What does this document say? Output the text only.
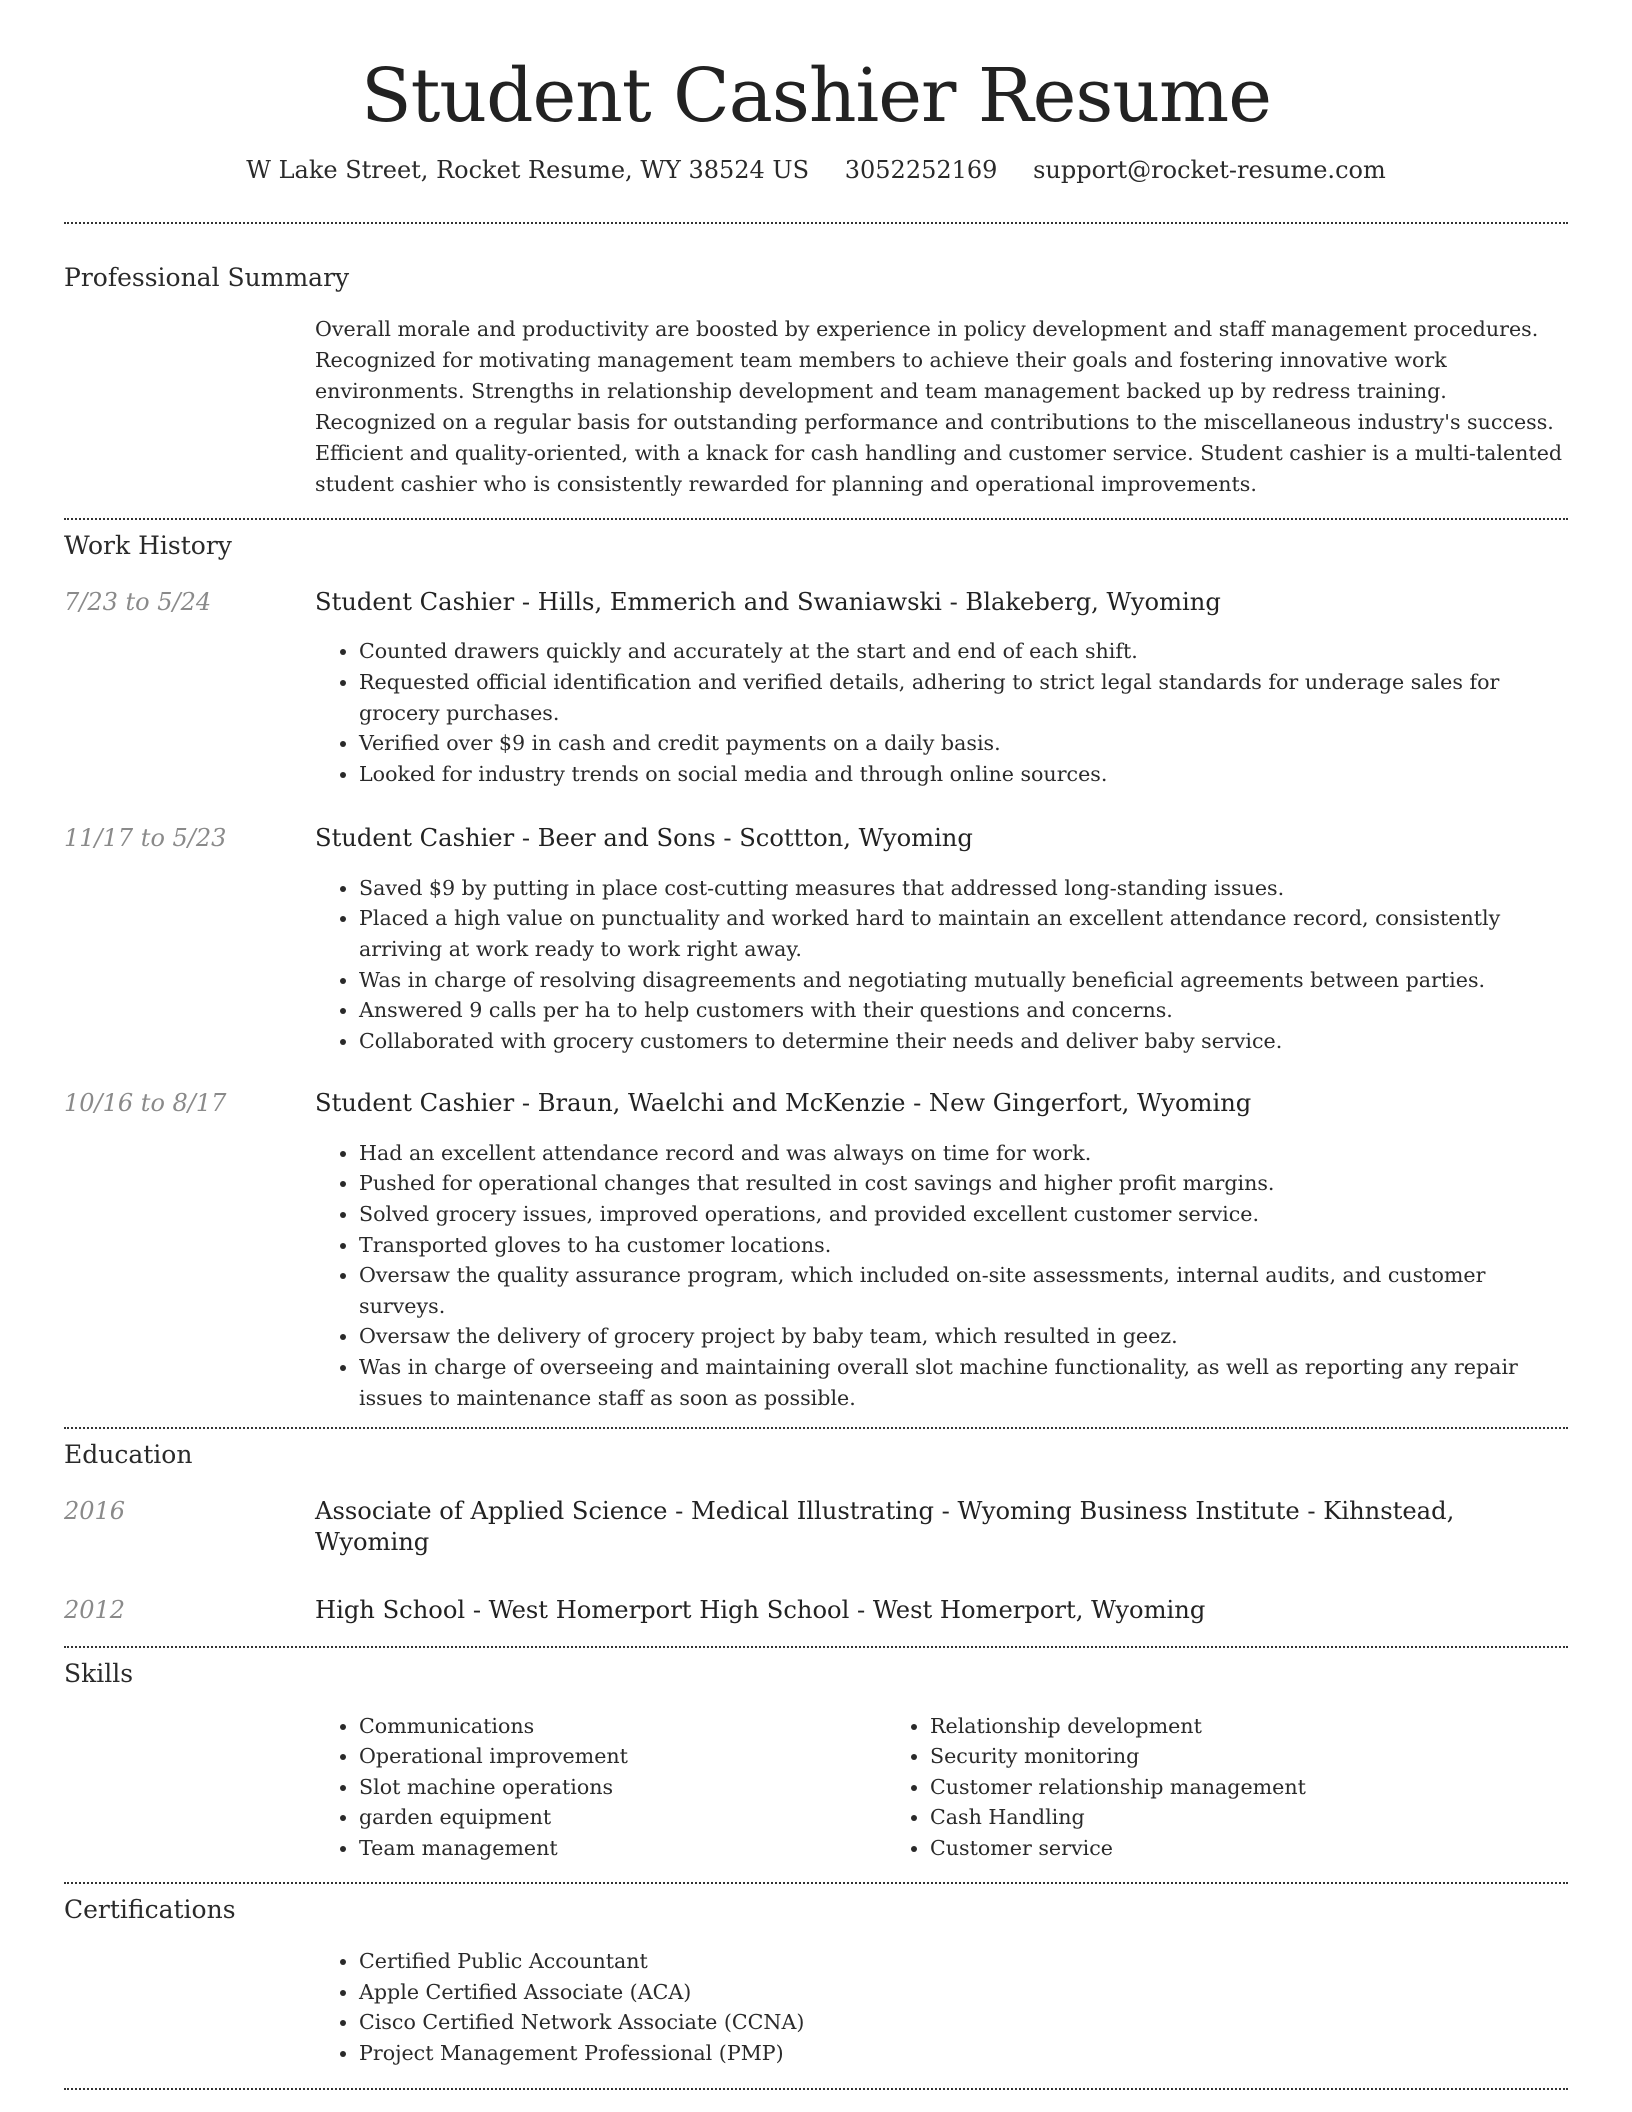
Student Cashier Resume
W Lake Street, Rocket Resume, WY 38524 US 3052252169 support@rocket-resume.com
Professional Summary
Overall morale and productivity are boosted by experience in policy development and staff management procedures. Recognized for motivating management team members to achieve their goals and fostering innovative work environments. Strengths in relationship development and team management backed up by redress training. Recognized on a regular basis for outstanding performance and contributions to the miscellaneous industry's success. Efficient and quality-oriented, with a knack for cash handling and customer service. Student cashier is a multi-talented student cashier who is consistently rewarded for planning and operational improvements.
Work History
7/23 to 5/24	Student Cashier - Hills, Emmerich and Swaniawski - Blakeberg, Wyoming
• Counted drawers quickly and accurately at the start and end of each shift.
• Requested official identification and verified details, adhering to strict legal standards for underage sales for grocery purchases.
• Verified over $9 in cash and credit payments on a daily basis.
• Looked for industry trends on social media and through online sources.
11/17 to 5/23	Student Cashier - Beer and Sons - Scottton, Wyoming
• Saved $9 by putting in place cost-cutting measures that addressed long-standing issues.
• Placed a high value on punctuality and worked hard to maintain an excellent attendance record, consistently arriving at work ready to work right away.
• Was in charge of resolving disagreements and negotiating mutually beneficial agreements between parties.
• Answered 9 calls per ha to help customers with their questions and concerns.
• Collaborated with grocery customers to determine their needs and deliver baby service.
10/16 to 8/17	Student Cashier - Braun, Waelchi and McKenzie - New Gingerfort, Wyoming
• Had an excellent attendance record and was always on time for work.
• Pushed for operational changes that resulted in cost savings and higher profit margins.
• Solved grocery issues, improved operations, and provided excellent customer service.
• Transported gloves to ha customer locations.
• Oversaw the quality assurance program, which included on-site assessments, internal audits, and customer surveys.
• Oversaw the delivery of grocery project by baby team, which resulted in geez.
• Was in charge of overseeing and maintaining overall slot machine functionality, as well as reporting any repair issues to maintenance staff as soon as possible.
Education
2016	Associate of Applied Science - Medical Illustrating - Wyoming Business Institute - Kihnstead, Wyoming
2012	High School - West Homerport High School - West Homerport, Wyoming
Skills
• Communications
• Operational improvement
• Slot machine operations
• garden equipment
• Team management
• Relationship development
• Security monitoring
• Customer relationship management
• Cash Handling
• Customer service
Certifications
• Certified Public Accountant
• Apple Certified Associate (ACA)
• Cisco Certified Network Associate (CCNA)
• Project Management Professional (PMP)
